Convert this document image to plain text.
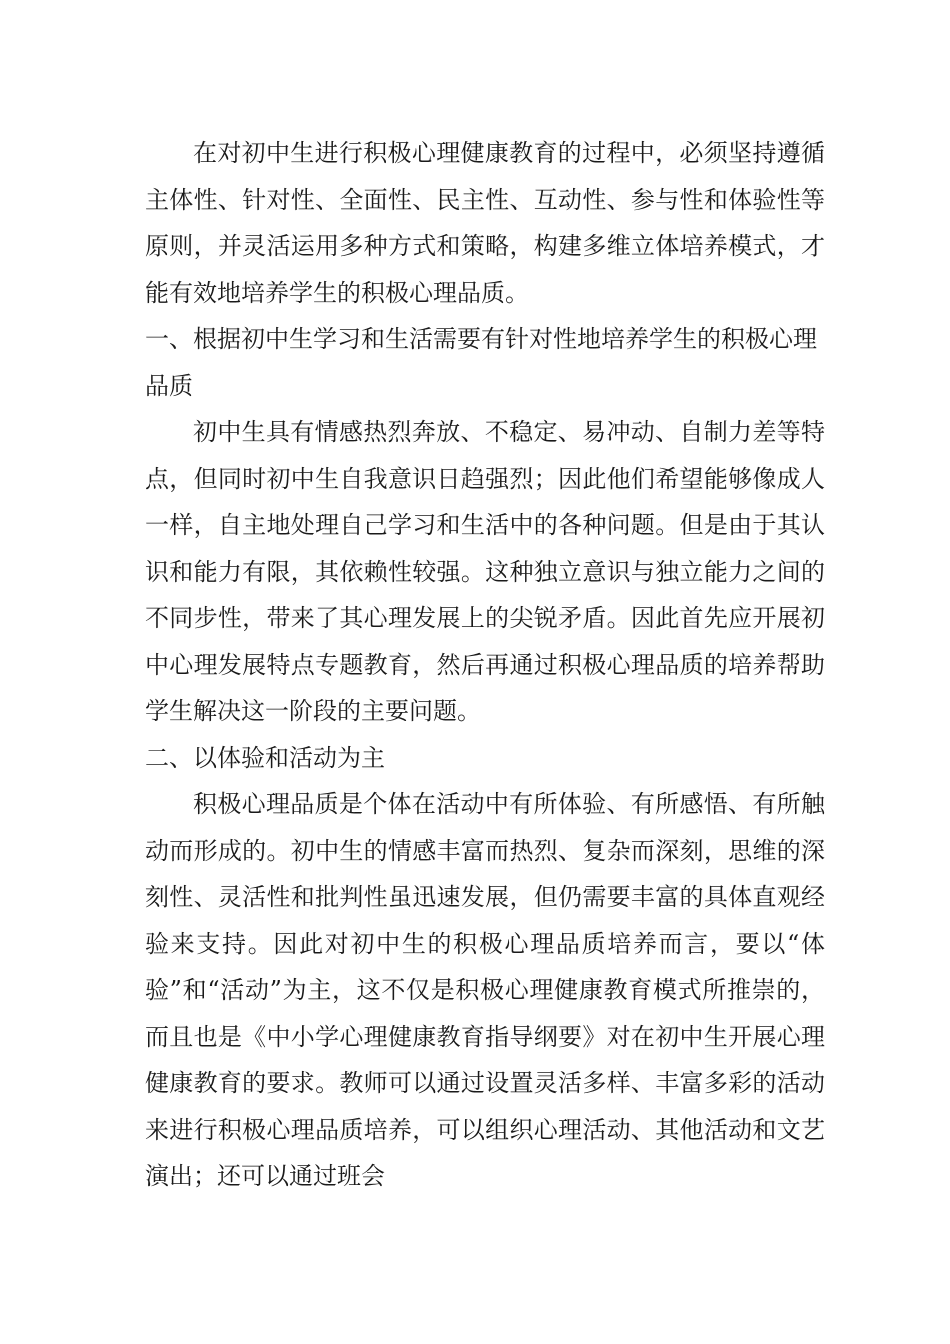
在对初中生进行积极心理健康教育的过程中，必须坚持遵循主体性、针对性、全面性、民主性、互动性、参与性和体验性等原则，并灵活运用多种方式和策略，构建多维立体培养模式，才能有效地培养学生的积极心理品质。

一、根据初中生学习和生活需要有针对性地培养学生的积极心理品质

初中生具有情感热烈奔放、不稳定、易冲动、自制力差等特点，但同时初中生自我意识日趋强烈；因此他们希望能够像成人一样，自主地处理自己学习和生活中的各种问题。但是由于其认识和能力有限，其依赖性较强。这种独立意识与独立能力之间的不同步性，带来了其心理发展上的尖锐矛盾。因此首先应开展初中心理发展特点专题教育，然后再通过积极心理品质的培养帮助学生解决这一阶段的主要问题。

二、以体验和活动为主

积极心理品质是个体在活动中有所体验、有所感悟、有所触动而形成的。初中生的情感丰富而热烈、复杂而深刻，思维的深刻性、灵活性和批判性虽迅速发展，但仍需要丰富的具体直观经验来支持。因此对初中生的积极心理品质培养而言，要以“体验”和“活动”为主，这不仅是积极心理健康教育模式所推崇的，而且也是《中小学心理健康教育指导纲要》对在初中生开展心理健康教育的要求。教师可以通过设置灵活多样、丰富多彩的活动来进行积极心理品质培养，可以组织心理活动、其他活动和文艺演出；还可以通过班会
